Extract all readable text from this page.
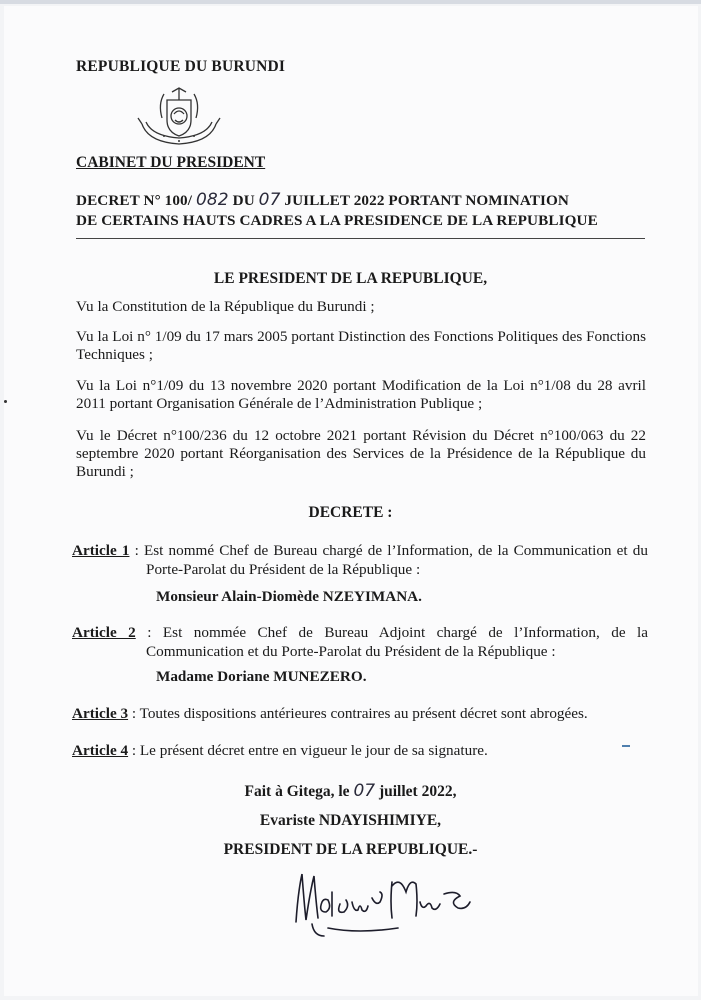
REPUBLIQUE DU BURUNDI
CABINET DU PRESIDENT
DECRET N° 100/ 082 DU 07 JUILLET 2022 PORTANT NOMINATION
DE CERTAINS HAUTS CADRES A LA PRESIDENCE DE LA REPUBLIQUE
LE PRESIDENT DE LA REPUBLIQUE,
Vu la Constitution de la République du Burundi ;
Vu la Loi n° 1/09 du 17 mars 2005 portant Distinction des Fonctions Politiques des Fonctions Techniques ;
Vu la Loi n°1/09 du 13 novembre 2020 portant Modification de la Loi n°1/08 du 28 avril 2011 portant Organisation Générale de l’Administration Publique ;
Vu le Décret n°100/236 du 12 octobre 2021 portant Révision du Décret n°100/063 du 22 septembre 2020 portant Réorganisation des Services de la Présidence de la République du Burundi ;
DECRETE :
Article 1 : Est nommé Chef de Bureau chargé de l’Information, de la Communication et du Porte-Parolat du Président de la République :
Monsieur Alain-Diomède NZEYIMANA.
Article 2 : Est nommée Chef de Bureau Adjoint chargé de l’Information, de la Communication et du Porte-Parolat du Président de la République :
Madame Doriane MUNEZERO.
Article 3 : Toutes dispositions antérieures contraires au présent décret sont abrogées.
Article 4 : Le présent décret entre en vigueur le jour de sa signature.
Fait à Gitega, le 07 juillet 2022,
Evariste NDAYISHIMIYE,
PRESIDENT DE LA REPUBLIQUE.-
